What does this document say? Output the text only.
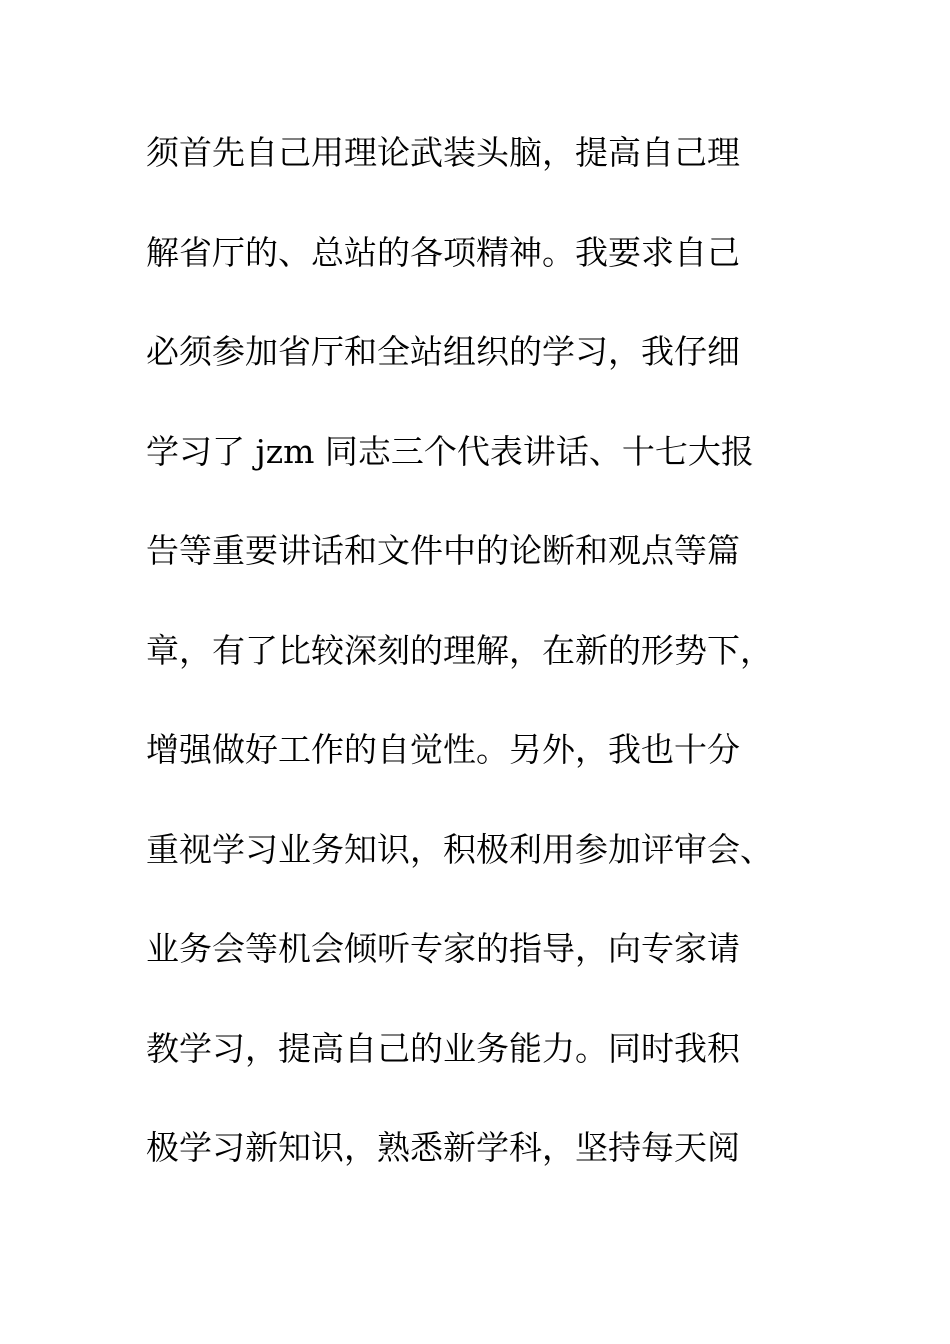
须首先自己用理论武装头脑，提高自己理
解省厅的、总站的各项精神。我要求自己
必须参加省厅和全站组织的学习，我仔细
学习了 jzm 同志三个代表讲话、十七大报
告等重要讲话和文件中的论断和观点等篇
章，有了比较深刻的理解，在新的形势下，
增强做好工作的自觉性。另外，我也十分
重视学习业务知识，积极利用参加评审会、
业务会等机会倾听专家的指导，向专家请
教学习，提高自己的业务能力。同时我积
极学习新知识，熟悉新学科，坚持每天阅
